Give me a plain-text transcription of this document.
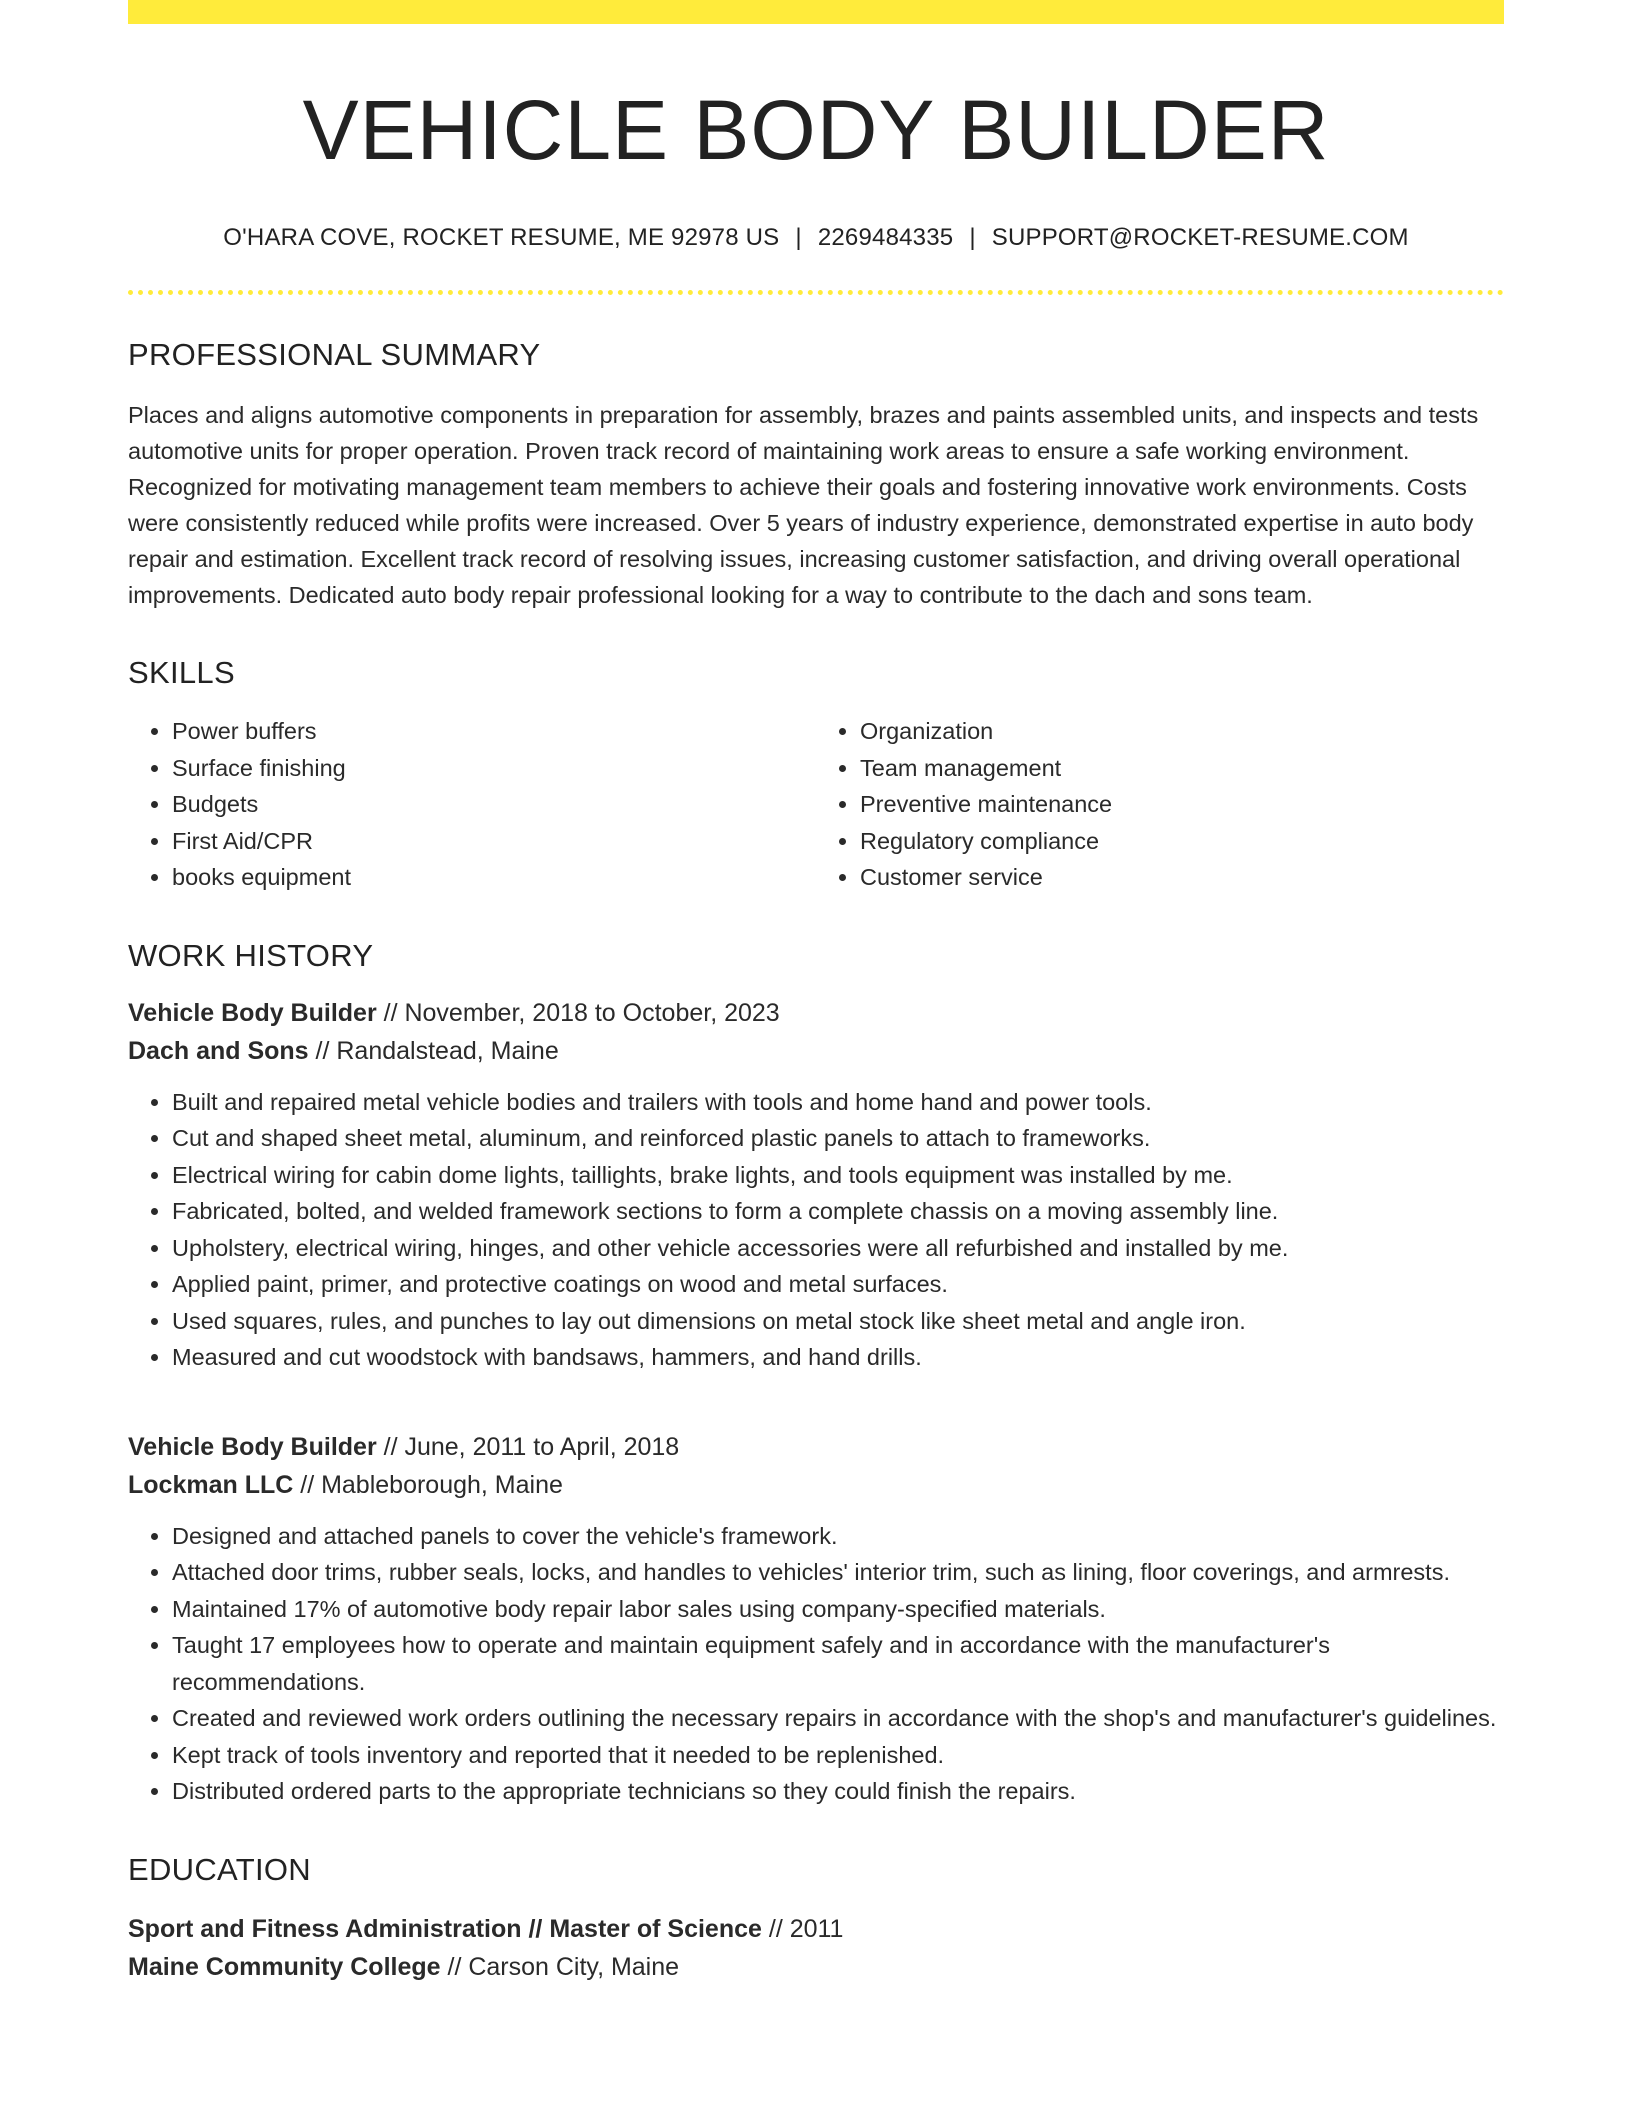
VEHICLE BODY BUILDER
O'HARA COVE, ROCKET RESUME, ME 92978 US | 2269484335 | SUPPORT@ROCKET-RESUME.COM
PROFESSIONAL SUMMARY
Places and aligns automotive components in preparation for assembly, brazes and paints assembled units, and inspects and tests automotive units for proper operation. Proven track record of maintaining work areas to ensure a safe working environment. Recognized for motivating management team members to achieve their goals and fostering innovative work environments. Costs were consistently reduced while profits were increased. Over 5 years of industry experience, demonstrated expertise in auto body repair and estimation. Excellent track record of resolving issues, increasing customer satisfaction, and driving overall operational improvements. Dedicated auto body repair professional looking for a way to contribute to the dach and sons team.
SKILLS
• Power buffers
• Surface finishing
• Budgets
• First Aid/CPR
• books equipment
• Organization
• Team management
• Preventive maintenance
• Regulatory compliance
• Customer service
WORK HISTORY
Vehicle Body Builder // November, 2018 to October, 2023
Dach and Sons // Randalstead, Maine
• Built and repaired metal vehicle bodies and trailers with tools and home hand and power tools.
• Cut and shaped sheet metal, aluminum, and reinforced plastic panels to attach to frameworks.
• Electrical wiring for cabin dome lights, taillights, brake lights, and tools equipment was installed by me.
• Fabricated, bolted, and welded framework sections to form a complete chassis on a moving assembly line.
• Upholstery, electrical wiring, hinges, and other vehicle accessories were all refurbished and installed by me.
• Applied paint, primer, and protective coatings on wood and metal surfaces.
• Used squares, rules, and punches to lay out dimensions on metal stock like sheet metal and angle iron.
• Measured and cut woodstock with bandsaws, hammers, and hand drills.
Vehicle Body Builder // June, 2011 to April, 2018
Lockman LLC // Mableborough, Maine
• Designed and attached panels to cover the vehicle's framework.
• Attached door trims, rubber seals, locks, and handles to vehicles' interior trim, such as lining, floor coverings, and armrests.
• Maintained 17% of automotive body repair labor sales using company-specified materials.
• Taught 17 employees how to operate and maintain equipment safely and in accordance with the manufacturer's recommendations.
• Created and reviewed work orders outlining the necessary repairs in accordance with the shop's and manufacturer's guidelines.
• Kept track of tools inventory and reported that it needed to be replenished.
• Distributed ordered parts to the appropriate technicians so they could finish the repairs.
EDUCATION
Sport and Fitness Administration // Master of Science // 2011
Maine Community College // Carson City, Maine
